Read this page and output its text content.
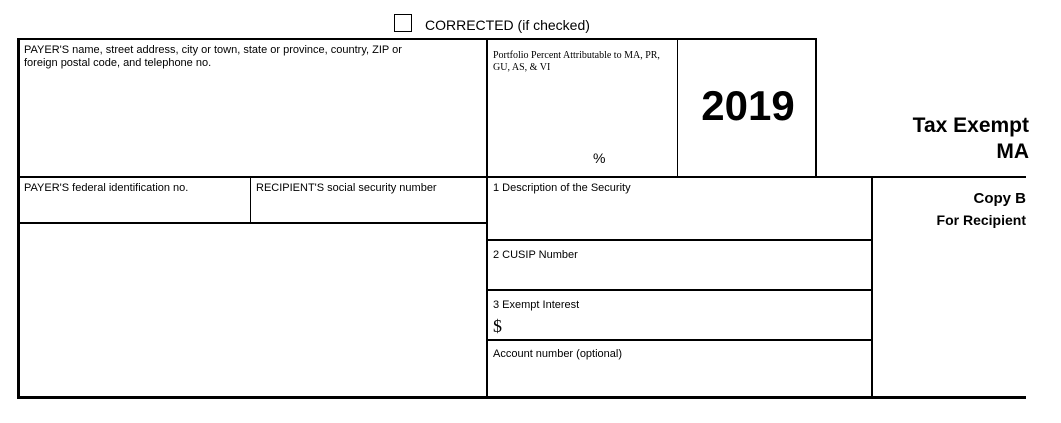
CORRECTED (if checked)
PAYER'S name, street address, city or town, state or province, country, ZIP or foreign postal code, and telephone no.
Portfolio Percent Attributable to MA, PR, GU, AS, & VI
%
2019	Tax Exempt
MA
Copy B
For Recipient
PAYER'S federal identification no.	RECIPIENT'S social security number	1 Description of the Security
2 CUSIP Number
3 Exempt Interest
$
Account number (optional)
